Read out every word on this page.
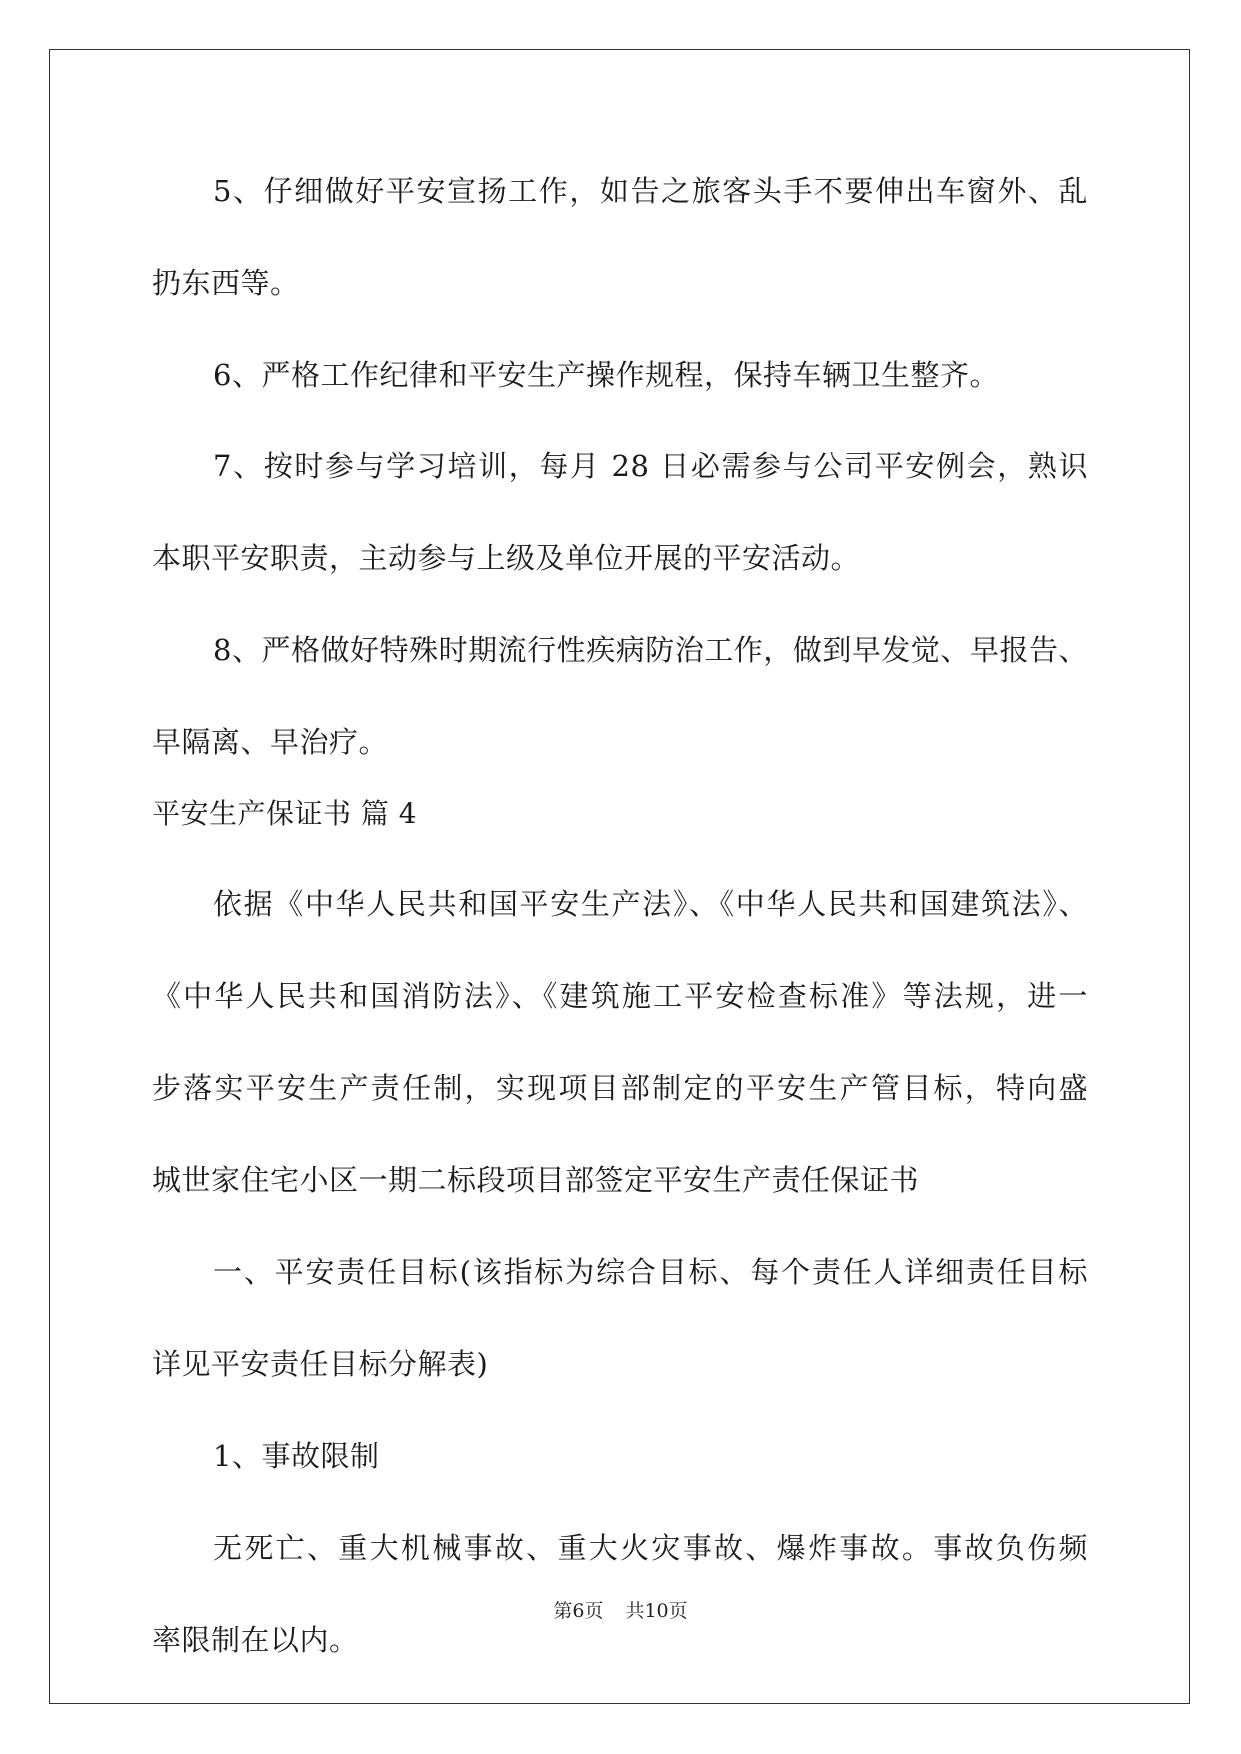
5、仔细做好平安宣扬工作，如告之旅客头手不要伸出车窗外、乱
扔东西等。
6、严格工作纪律和平安生产操作规程，保持车辆卫生整齐。
7、按时参与学习培训，每月 28 日必需参与公司平安例会，熟识
本职平安职责，主动参与上级及单位开展的平安活动。
8、严格做好特殊时期流行性疾病防治工作，做到早发觉、早报告、
早隔离、早治疗。
平安生产保证书 篇 4
依据《中华人民共和国平安生产法》、《中华人民共和国建筑法》、
《中华人民共和国消防法》、《建筑施工平安检查标准》等法规，进一
步落实平安生产责任制，实现项目部制定的平安生产管目标，特向盛
城世家住宅小区一期二标段项目部签定平安生产责任保证书
一、平安责任目标(该指标为综合目标、每个责任人详细责任目标
详见平安责任目标分解表)
1、事故限制
无死亡、重大机械事故、重大火灾事故、爆炸事故。事故负伤频
率限制在以内。
第6页 共10页
